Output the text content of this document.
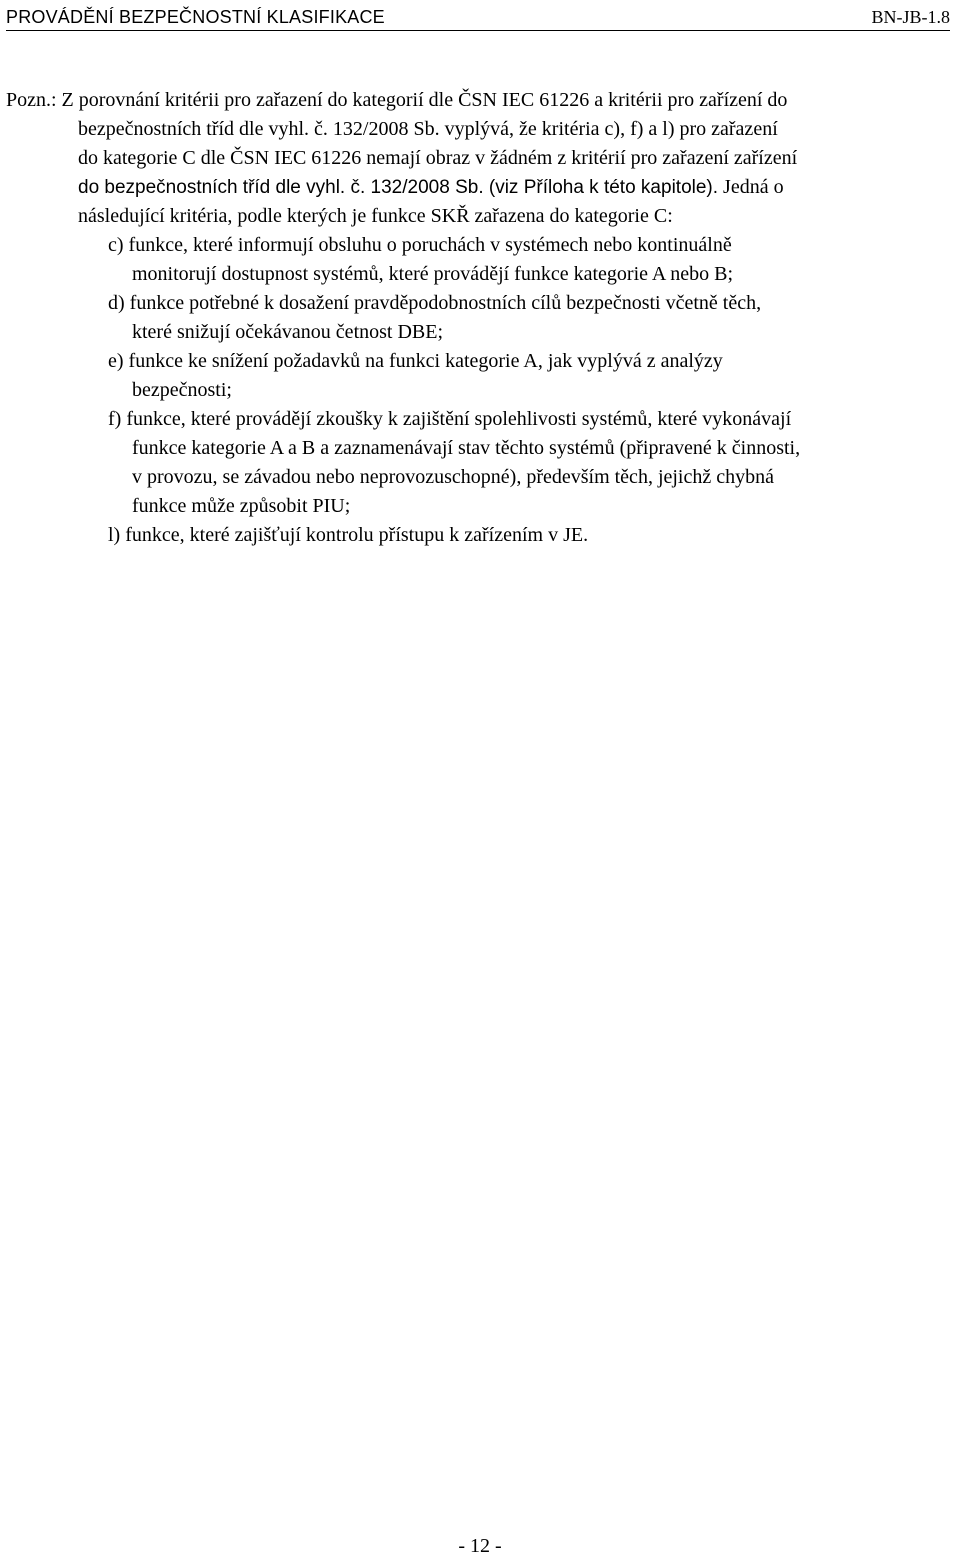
PROVÁDĚNÍ BEZPEČNOSTNÍ KLASIFIKACE	BN-JB-1.8
Pozn.: Z porovnání kritérii pro zařazení do kategorií dle ČSN IEC 61226 a kritérii pro zařízení do
bezpečnostních tříd dle vyhl. č. 132/2008 Sb. vyplývá, že kritéria c), f) a l) pro zařazení
do kategorie C dle ČSN IEC 61226 nemají obraz v žádném z kritérií pro zařazení zařízení
do bezpečnostních tříd dle vyhl. č. 132/2008 Sb. (viz Příloha k této kapitole). Jedná o
následující kritéria, podle kterých je funkce SKŘ zařazena do kategorie C:
c) funkce, které informují obsluhu o poruchách v systémech nebo kontinuálně
monitorují dostupnost systémů, které provádějí funkce kategorie A nebo B;
d) funkce potřebné k dosažení pravděpodobnostních cílů bezpečnosti včetně těch,
které snižují očekávanou četnost DBE;
e) funkce ke snížení požadavků na funkci kategorie A, jak vyplývá z analýzy
bezpečnosti;
f) funkce, které provádějí zkoušky k zajištění spolehlivosti systémů, které vykonávají
funkce kategorie A a B a zaznamenávají stav těchto systémů (připravené k činnosti,
v provozu, se závadou nebo neprovozuschopné), především těch, jejichž chybná
funkce může způsobit PIU;
l) funkce, které zajišťují kontrolu přístupu k zařízením v JE.
- 12 -
